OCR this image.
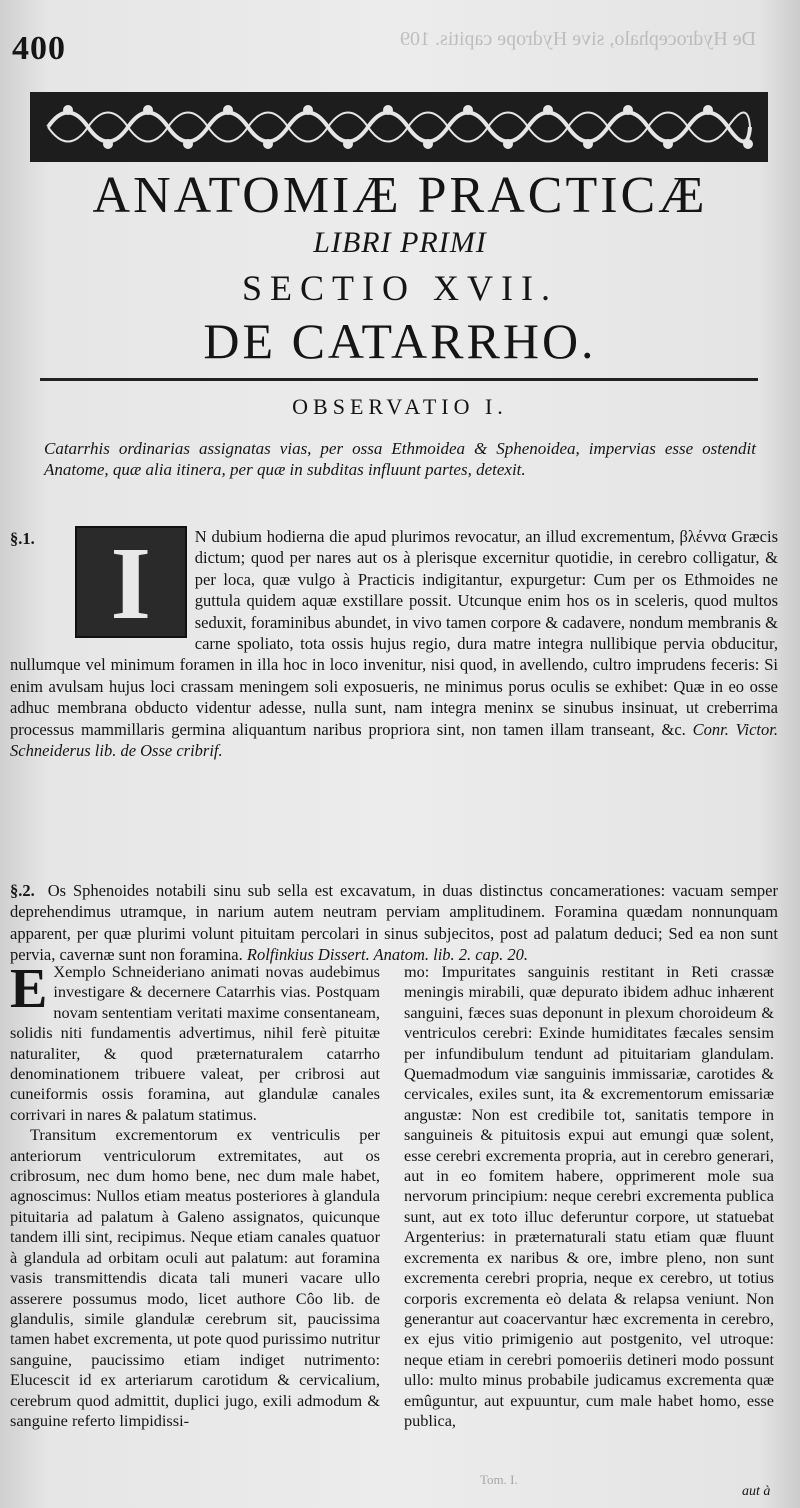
De Hydrocephalo, sive Hydrope capitis. 109
400
ANATOMIÆ PRACTICÆ
LIBRI PRIMI
SECTIO XVII.
DE CATARRHO.
OBSERVATIO I.
Catarrhis ordinarias assignatas vias, per ossa Ethmoidea & Sphenoidea, impervias esse ostendit Anatome, quæ alia itinera, per quæ in subditas influunt partes, detexit.
§.1. I	N dubium hodierna die apud plurimos revocatur, an illud excrementum, βλέννα Græcis dictum; quod per nares aut os à plerisque excernitur quotidie, in cerebro colligatur, & per loca, quæ vulgo à Practicis indigitantur, expurgetur: Cum per os Ethmoides ne guttula quidem aquæ exstillare possit. Utcunque enim hos os in sceleris, quod multos seduxit, foraminibus abundet, in vivo tamen corpore & cadavere, nondum membranis & carne spoliato, tota ossis hujus regio, dura matre integra nullibique pervia obducitur, nullumque vel minimum foramen in illa hoc in loco invenitur, nisi quod, in avellendo, cultro imprudens feceris: Si enim avulsam hujus loci crassam meningem soli exposueris, ne minimus porus oculis se exhibet: Quæ in eo osse adhuc membrana obducto videntur adesse, nulla sunt, nam integra meninx se sinubus insinuat, ut creberrima processus mammillaris germina aliquantum naribus propriora sint, non tamen illam transeant, &c. Conr. Victor. Schneiderus lib. de Osse cribrif.
§.2. Os Sphenoides notabili sinu sub sella est excavatum, in duas distinctus concamerationes: vacuam semper deprehendimus utramque, in narium autem neutram perviam amplitudinem. Foramina quædam nonnunquam apparent, per quæ plurimi volunt pituitam percolari in sinus subjecitos, post ad palatum deduci; Sed ea non sunt pervia, cavernæ sunt non foramina. Rolfinkius Dissert. Anatom. lib. 2. cap. 20.

E Xemplo Schneideriano animati novas audebimus investigare & decernere Catarrhis vias. Postquam novam sententiam veritati maxime consentaneam, solidis niti fundamentis advertimus, nihil ferè pituitæ naturaliter, & quod præternaturalem catarrho denominationem tribuere valeat, per cribrosi aut cuneiformis ossis foramina, aut glandulæ canales corrivari in nares & palatum statimus.

Transitum excrementorum ex ventriculis per anteriorum ventriculorum extremitates, aut os cribrosum, nec dum homo bene, nec dum male habet, agnoscimus: Nullos etiam meatus posteriores à glandula pituitaria ad palatum à Galeno assignatos, quicunque tandem illi sint, recipimus. Neque etiam canales quatuor à glandula ad orbitam oculi aut palatum: aut foramina vasis transmittendis dicata tali muneri vacare ullo asserere possumus modo, licet authore Côo lib. de glandulis, simile glandulæ cerebrum sit, paucissima tamen habet excrementa, ut pote quod purissimo nutritur sanguine, paucissimo etiam indiget nutrimento: Elucescit id ex arteriarum carotidum & cervicalium, cerebrum quod admittit, duplici jugo, exili admodum & sanguine referto limpidissi-

mo: Impuritates sanguinis restitant in Reti crassæ meningis mirabili, quæ depurato ibidem adhuc inhærent sanguini, fæces suas deponunt in plexum choroideum & ventriculos cerebri: Exinde humiditates fæcales sensim per infundibulum tendunt ad pituitariam glandulam. Quemadmodum viæ sanguinis immissariæ, carotides & cervicales, exiles sunt, ita & excrementorum emissariæ angustæ: Non est credibile tot, sanitatis tempore in sanguineis & pituitosis expui aut emungi quæ solent, esse cerebri excrementa propria, aut in cerebro generari, aut in eo fomitem habere, opprimerent mole sua nervorum principium: neque cerebri excrementa publica sunt, aut ex toto illuc deferuntur corpore, ut statuebat Argenterius: in præternaturali statu etiam quæ fluunt excrementa ex naribus & ore, imbre pleno, non sunt excrementa cerebri propria, neque ex cerebro, ut totius corporis excrementa eò delata & relapsa veniunt. Non generantur aut coacervantur hæc excrementa in cerebro, ex ejus vitio primigenio aut postgenito, vel utroque: neque etiam in cerebri pomoeriis detineri modo possunt ullo: multo minus probabile judicamus excrementa quæ emûguntur, aut expuuntur, cum male habet homo, esse publica,

Tom. I.
aut à
